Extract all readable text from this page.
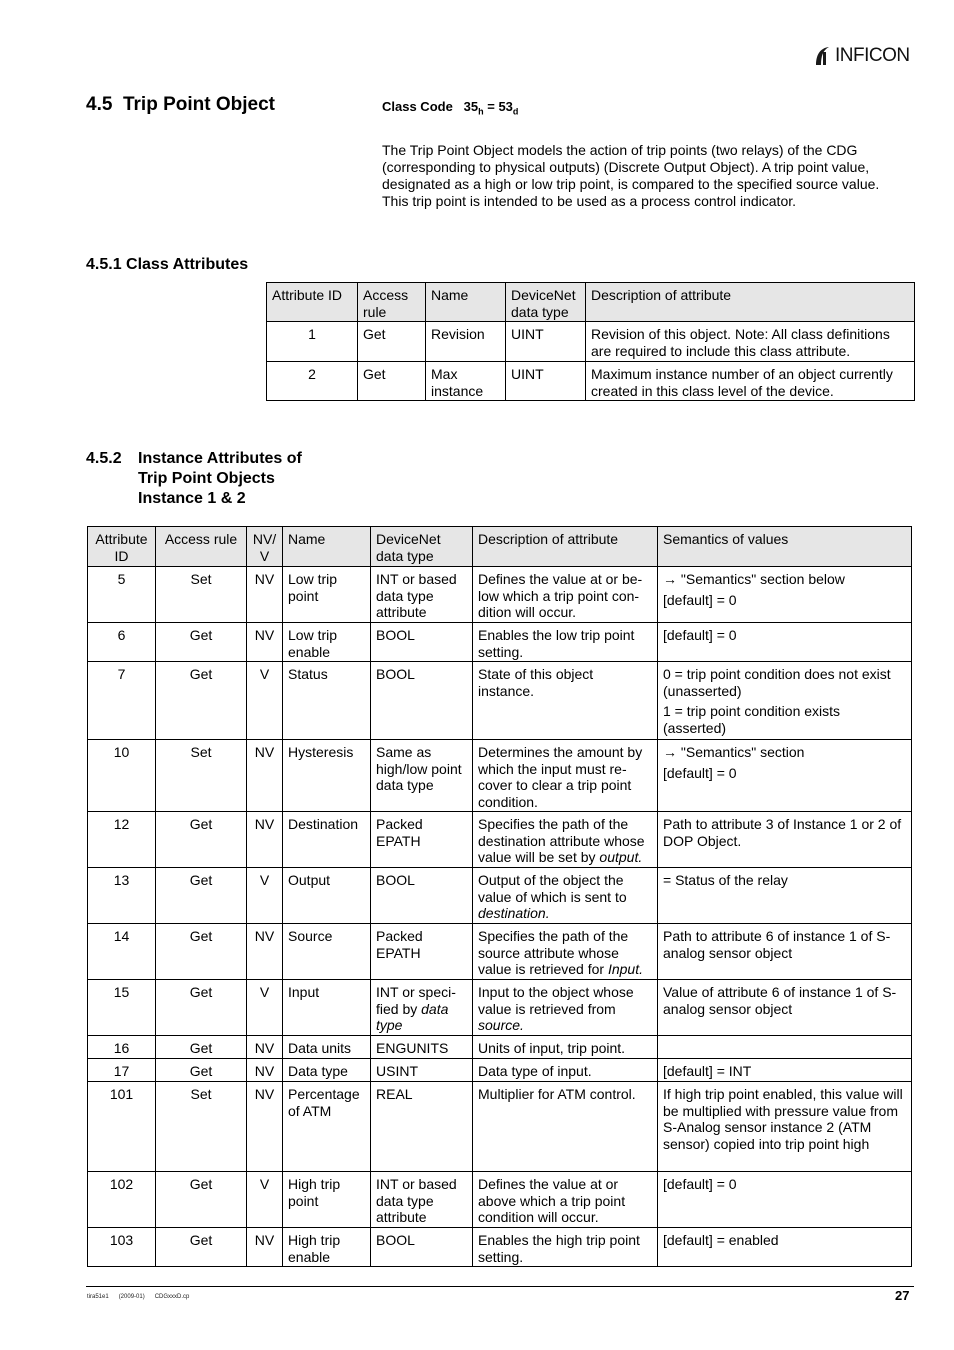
INFICON
4.5 Trip Point Object	Class Code $35_h = 53_d$
The Trip Point Object models the action of trip points (two relays) of the CDG (corresponding to physical outputs) (Discrete Output Object). A trip point value, designated as a high or low trip point, is compared to the specified source value. This trip point is intended to be used as a process control indicator.
4.5.1 Class Attributes
Attribute ID	Access rule	Name	DeviceNet data type	Description of attribute
1	Get	Revision	UINT	Revision of this object. Note: All class definitions are required to include this class attribute.
2	Get	Max instance	UINT	Maximum instance number of an object currently created in this class level of the device.
4.5.2 Instance Attributes of
Trip Point Objects
Instance 1 & 2
Attribute ID	Access rule	NV/ V	Name	DeviceNet data type	Description of attribute	Semantics of values
5	Set	NV	Low trip point	INT or based data type attribute	Defines the value at or be-low which a trip point con-dition will occur.	→ "Semantics" section below
[default] = 0

6	Get	NV	Low trip enable	BOOL	Enables the low trip point setting.	[default] = 0

7	Get	V	Status	BOOL	State of this object instance.	0 = trip point condition does not exist (unasserted)
1 = trip point condition exists (asserted)

10	Set	NV	Hysteresis	Same as high/low point data type	Determines the amount by which the input must re-cover to clear a trip point condition.	→ "Semantics" section
[default] = 0

12	Get	NV	Destination	Packed EPATH	Specifies the path of the destination attribute whose value will be set by output.	Path to attribute 3 of Instance 1 or 2 of DOP Object.

13	Get	V	Output	BOOL	Output of the object the value of which is sent to destination.	= Status of the relay

14	Get	NV	Source	Packed EPATH	Specifies the path of the source attribute whose value is retrieved for Input.	Path to attribute 6 of instance 1 of S-analog sensor object

15	Get	V	Input	INT or speci-fied by data type	Input to the object whose value is retrieved from source.	Value of attribute 6 of instance 1 of S-analog sensor object

16	Get	NV	Data units	ENGUNITS	Units of input, trip point.	
17	Get	NV	Data type	USINT	Data type of input.	[default] = INT

101	Set	NV	Percentage of ATM	REAL	Multiplier for ATM control.	If high trip point enabled, this value will be multiplied with pressure value from S-Analog sensor instance 2 (ATM sensor) copied into trip point high

102	Get	V	High trip point	INT or based data type attribute	Defines the value at or above which a trip point condition will occur.	[default] = 0

103	Get	NV	High trip enable	BOOL	Enables the high trip point setting.	[default] = enabled
tira51e1 (2009-01) CDGxxxD.cp	27
